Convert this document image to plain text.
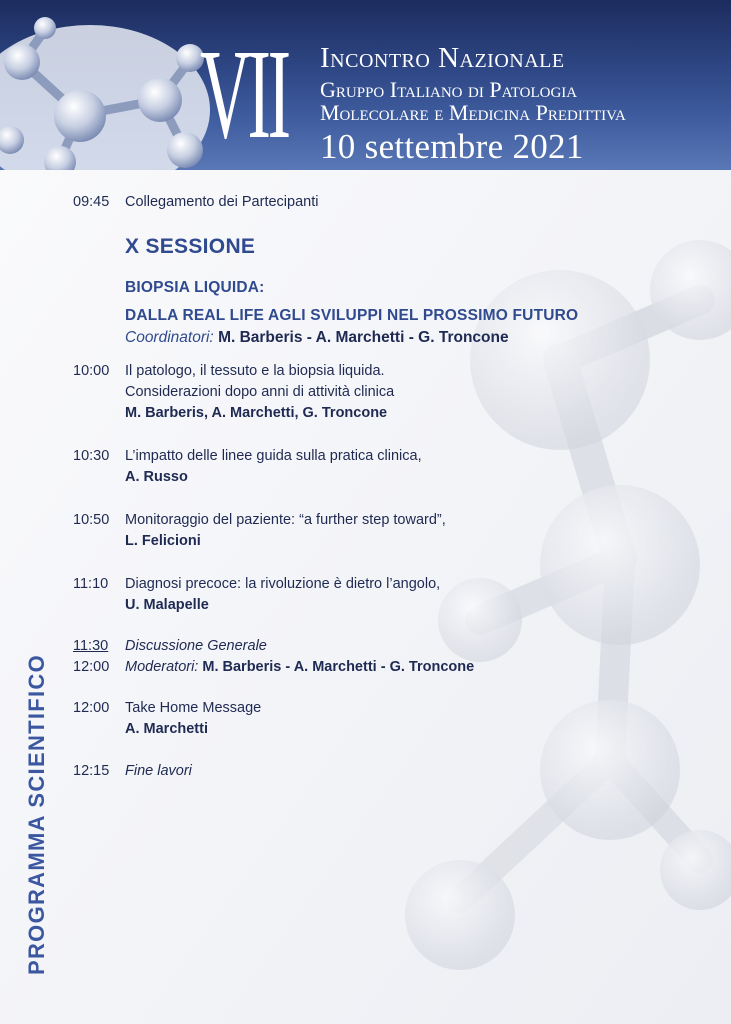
VII Incontro Nazionale
Gruppo Italiano di Patologia
Molecolare e Medicina Predittiva
10 settembre 2021
PROGRAMMA SCIENTIFICO
09:45	Collegamento dei Partecipanti
X SESSIONE
BIOPSIA LIQUIDA:
DALLA REAL LIFE AGLI SVILUPPI NEL PROSSIMO FUTURO
Coordinatori: M. Barberis - A. Marchetti - G. Troncone
10:00	Il patologo, il tessuto e la biopsia liquida.
Considerazioni dopo anni di attività clinica
M. Barberis, A. Marchetti, G. Troncone
10:30	L’impatto delle linee guida sulla pratica clinica,
A. Russo
10:50	Monitoraggio del paziente: “a further step toward”,
L. Felicioni
11:10	Diagnosi precoce: la rivoluzione è dietro l’angolo,
U. Malapelle
11:30	Discussione Generale
12:00	Moderatori: M. Barberis - A. Marchetti - G. Troncone
12:00	Take Home Message
A. Marchetti
12:15	Fine lavori
